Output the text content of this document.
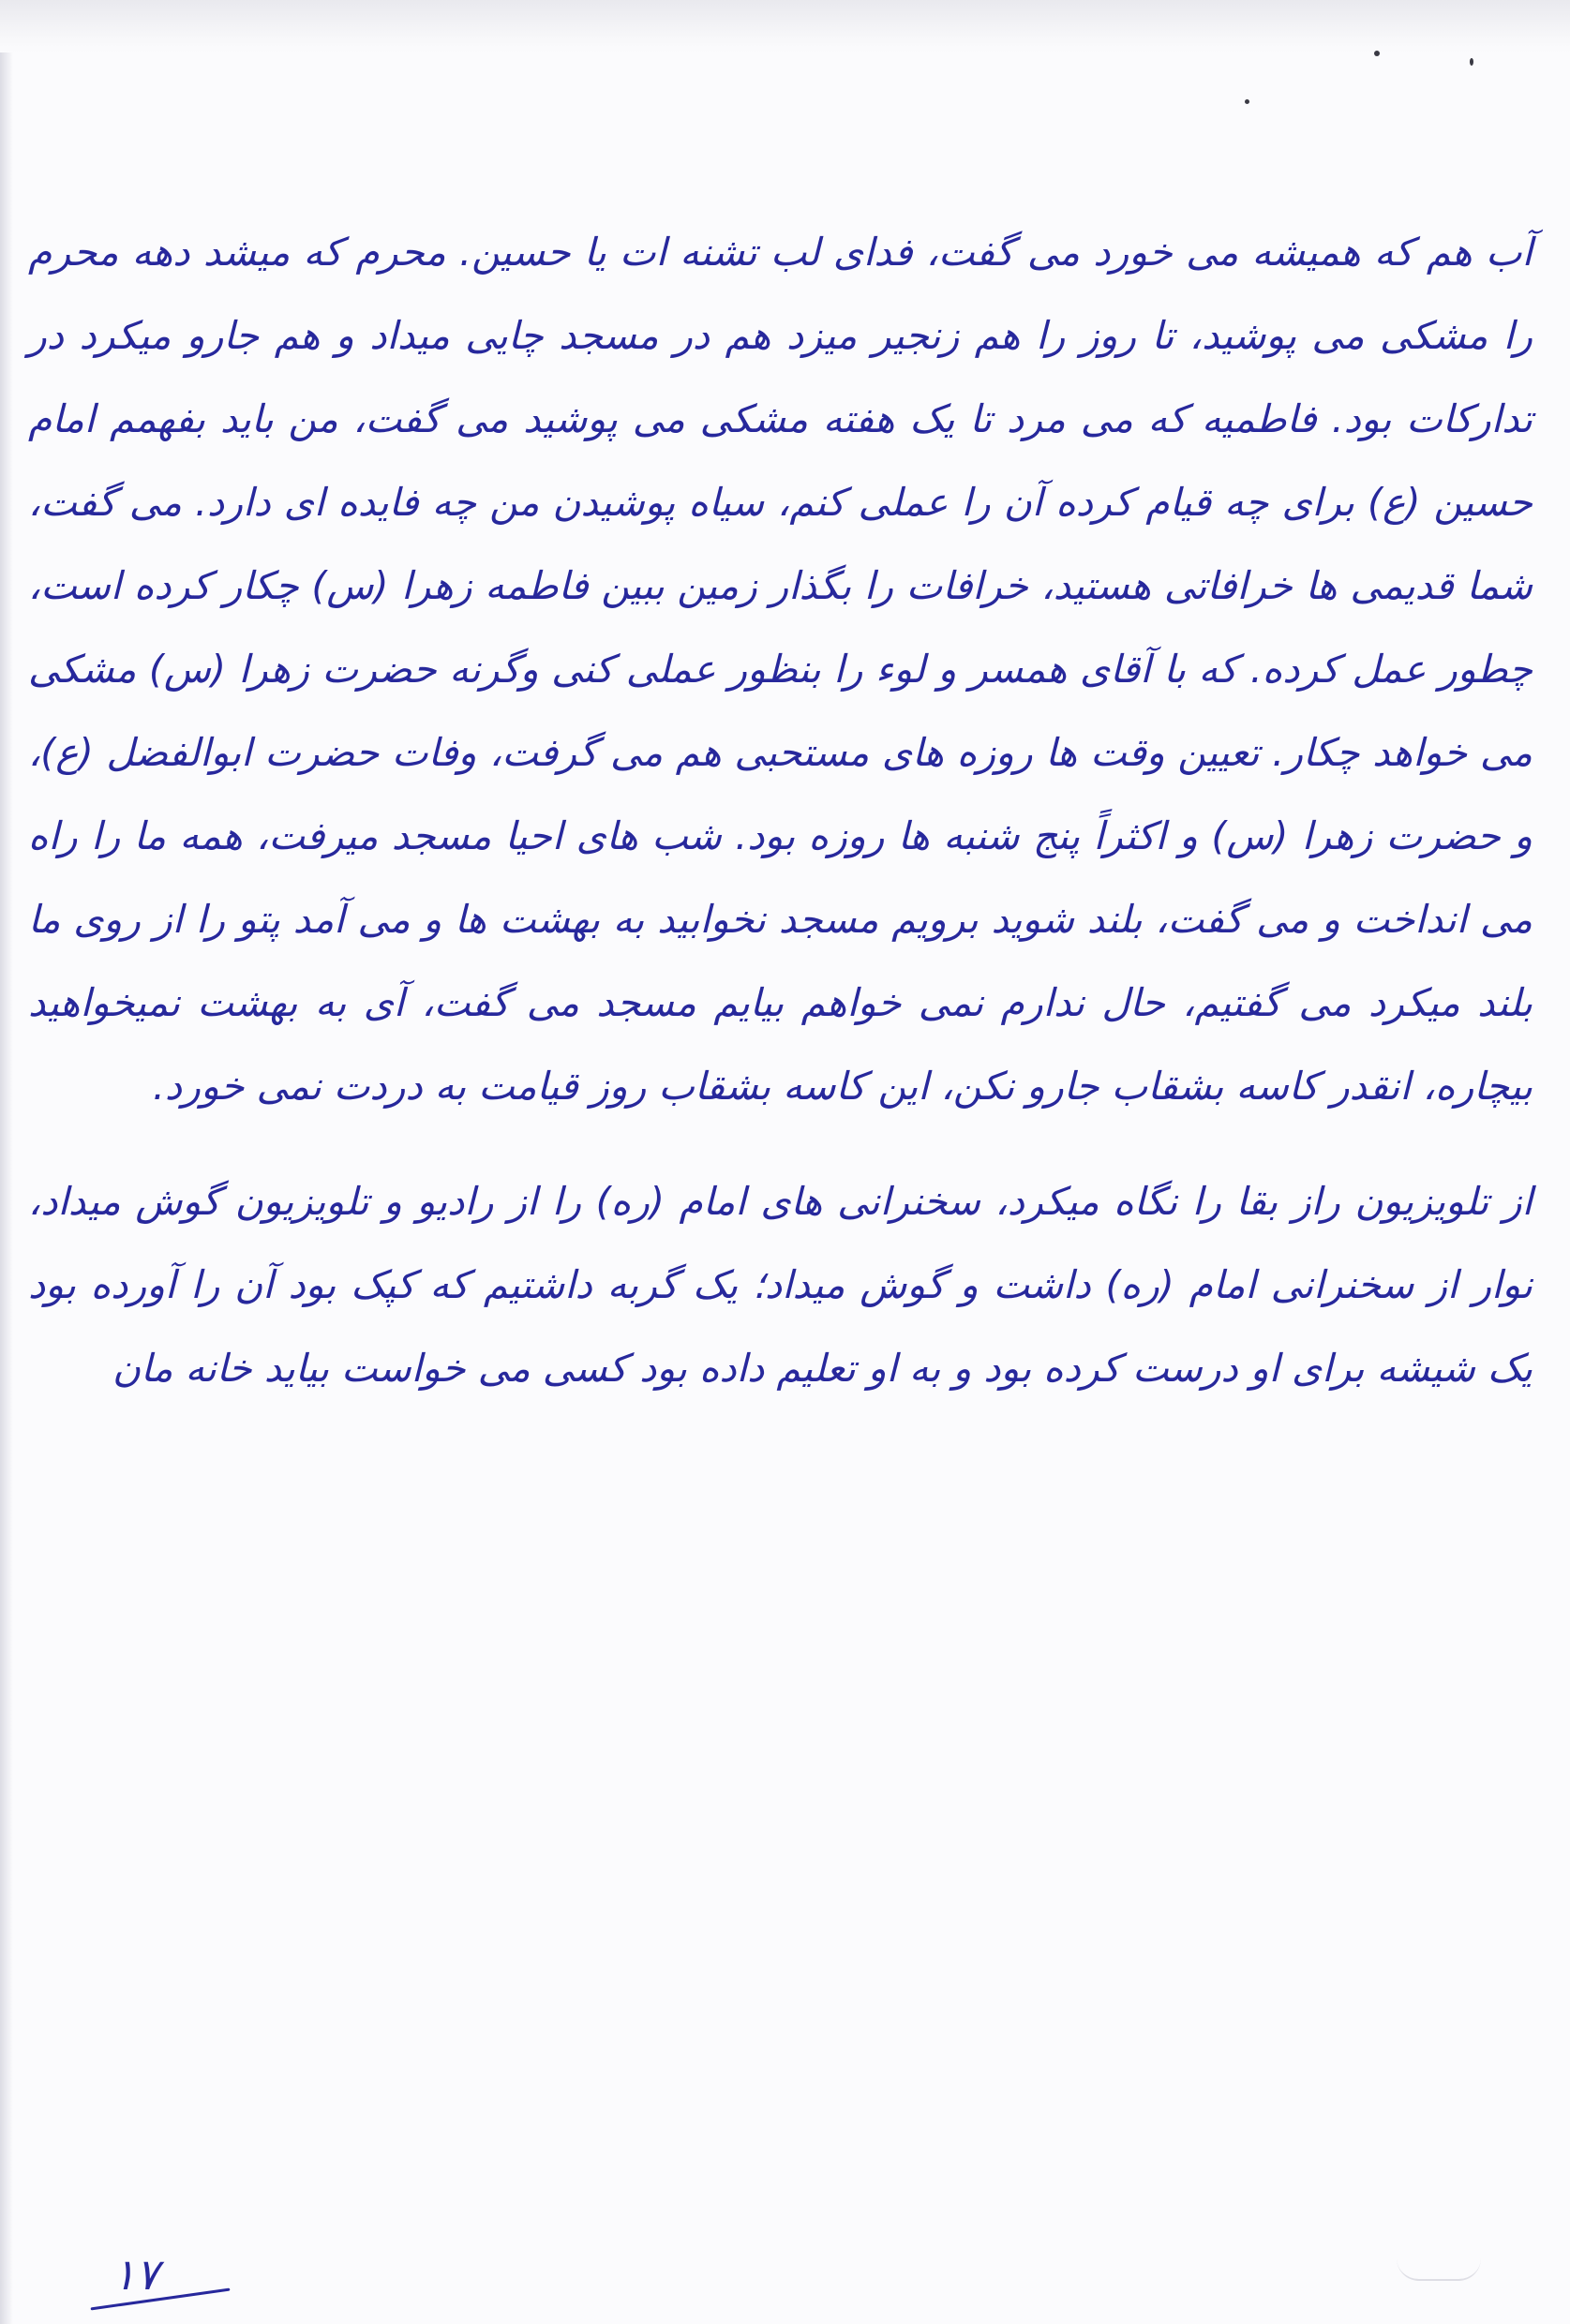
آب هم که همیشه می خورد می گفت، فدای لب تشنه ات یا حسین. محرم که میشد دهه محرم را مشکی می پوشید، تا روز را هم زنجیر میزد هم در مسجد چایی میداد و هم جارو میکرد در تدارکات بود. فاطمیه که می مرد تا یک هفته مشکی می پوشید می گفت، من باید بفهمم امام حسین (ع) برای چه قیام کرده آن را عملی کنم، سیاه پوشیدن من چه فایده ای دارد. می گفت، شما قدیمی ها خرافاتی هستید، خرافات را بگذار زمین ببین فاطمه زهرا (س) چکار کرده است، چطور عمل کرده. که با آقای همسر و لوء را بنظور عملی کنی وگرنه حضرت زهرا (س) مشکی می خواهد چکار. تعیین وقت ها روزه های مستحبی هم می گرفت، وفات حضرت ابوالفضل (ع)، و حضرت زهرا (س) و اکثراً پنج شنبه ها روزه بود. شب های احیا مسجد میرفت، همه ما را راه می انداخت و می گفت، بلند شوید برویم مسجد نخوابید به بهشت ها و می آمد پتو را از روی ما بلند میکرد می گفتیم، حال ندارم نمی خواهم بیایم مسجد می گفت، آی به بهشت نمیخواهید بیچاره، انقدر کاسه بشقاب جارو نکن، این کاسه بشقاب روز قیامت به دردت نمی خورد.

از تلویزیون راز بقا را نگاه میکرد، سخنرانی های امام (ره) را از رادیو و تلویزیون گوش میداد، نوار از سخنرانی امام (ره) داشت و گوش میداد؛ یک گربه داشتیم که کپک بود آن را آورده بود یک شیشه برای او درست کرده بود و به او تعلیم داده بود کسی می خواست بیاید خانه مان

۱۷
